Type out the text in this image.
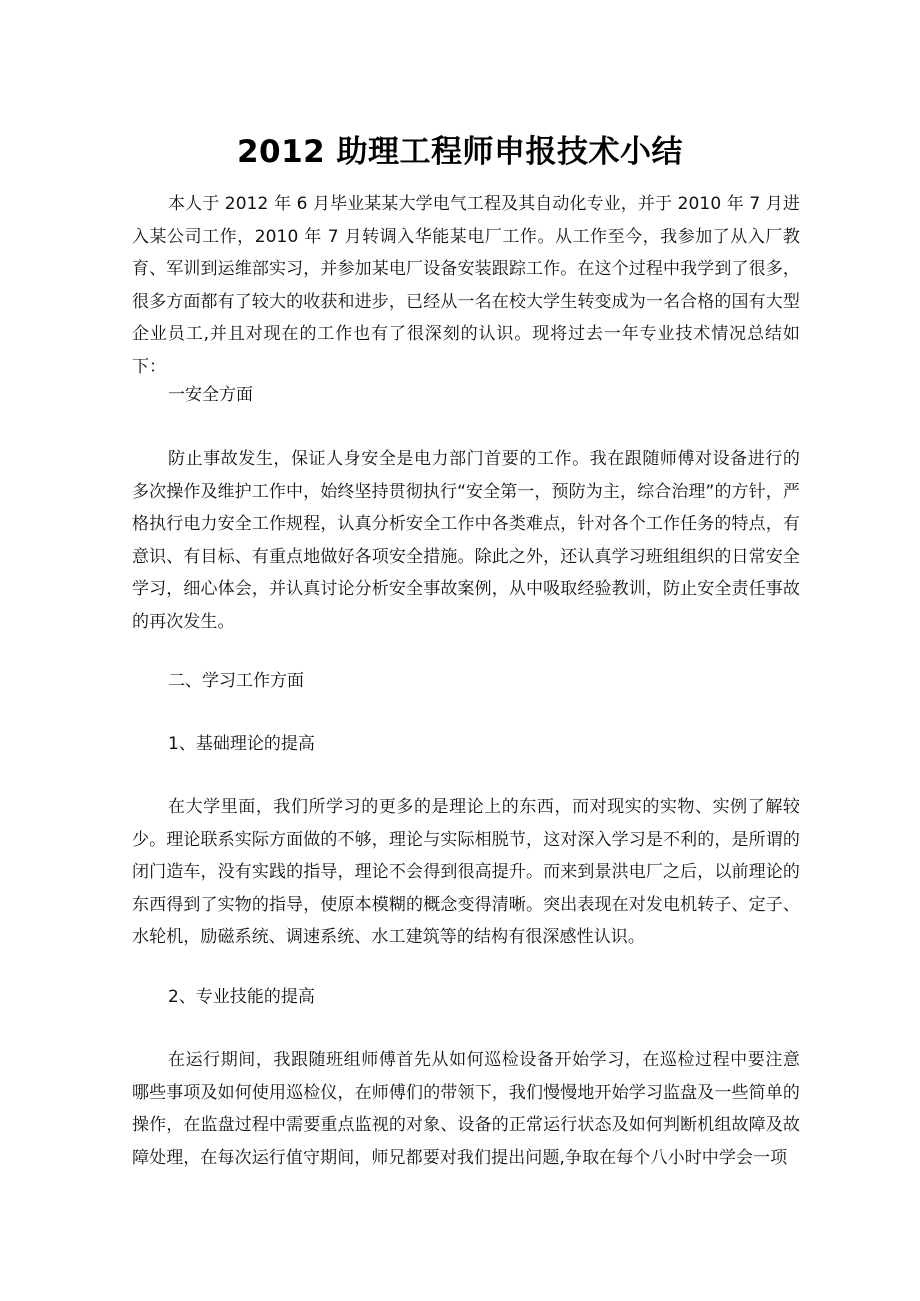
2012 助理工程师申报技术小结

本人于 2012 年 6 月毕业某某大学电气工程及其自动化专业，并于 2010 年 7 月进入某公司工作，2010 年 7 月转调入华能某电厂工作。从工作至今，我参加了从入厂教育、军训到运维部实习，并参加某电厂设备安装跟踪工作。在这个过程中我学到了很多，很多方面都有了较大的收获和进步，已经从一名在校大学生转变成为一名合格的国有大型企业员工,并且对现在的工作也有了很深刻的认识。现将过去一年专业技术情况总结如下：

一安全方面

防止事故发生，保证人身安全是电力部门首要的工作。我在跟随师傅对设备进行的多次操作及维护工作中，始终坚持贯彻执行“安全第一，预防为主，综合治理”的方针，严格执行电力安全工作规程，认真分析安全工作中各类难点，针对各个工作任务的特点，有意识、有目标、有重点地做好各项安全措施。除此之外，还认真学习班组组织的日常安全学习，细心体会，并认真讨论分析安全事故案例，从中吸取经验教训，防止安全责任事故的再次发生。

二、学习工作方面
1、基础理论的提高

在大学里面，我们所学习的更多的是理论上的东西，而对现实的实物、实例了解较少。理论联系实际方面做的不够，理论与实际相脱节，这对深入学习是不利的，是所谓的闭门造车，没有实践的指导，理论不会得到很高提升。而来到景洪电厂之后，以前理论的东西得到了实物的指导，使原本模糊的概念变得清晰。突出表现在对发电机转子、定子、水轮机，励磁系统、调速系统、水工建筑等的结构有很深感性认识。

2、专业技能的提高

在运行期间，我跟随班组师傅首先从如何巡检设备开始学习，在巡检过程中要注意哪些事项及如何使用巡检仪，在师傅们的带领下，我们慢慢地开始学习监盘及一些简单的操作，在监盘过程中需要重点监视的对象、设备的正常运行状态及如何判断机组故障及故障处理，在每次运行值守期间，师兄都要对我们提出问题,争取在每个八小时中学会一项
